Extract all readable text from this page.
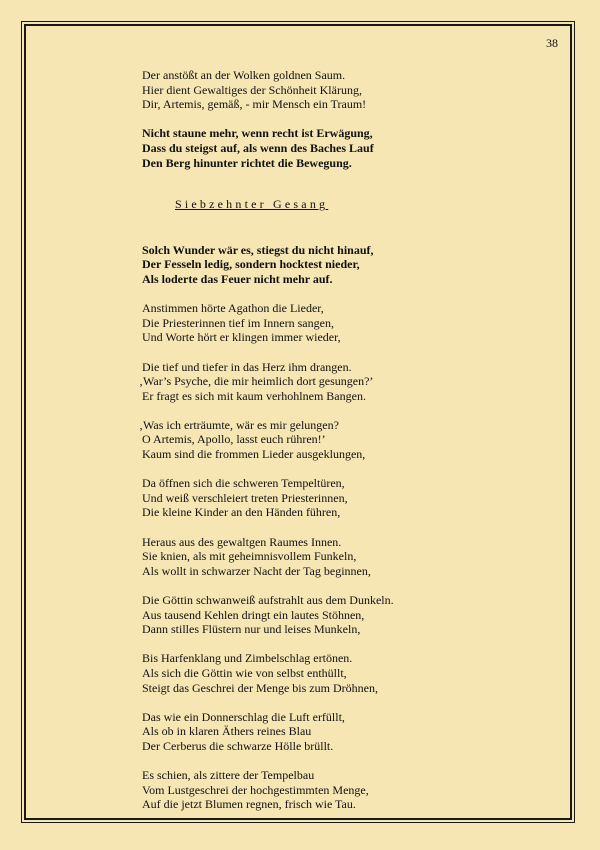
38
Der anstößt an der Wolken goldnen Saum.
Hier dient Gewaltiges der Schönheit Klärung,
Dir, Artemis, gemäß, - mir Mensch ein Traum!
Nicht staune mehr, wenn recht ist Erwägung,
Dass du steigst auf, als wenn des Baches Lauf
Den Berg hinunter richtet die Bewegung.
Siebzehnter Gesang
Solch Wunder wär es, stiegst du nicht hinauf,
Der Fesseln ledig, sondern hocktest nieder,
Als loderte das Feuer nicht mehr auf.
Anstimmen hörte Agathon die Lieder,
Die Priesterinnen tief im Innern sangen,
Und Worte hört er klingen immer wieder,
Die tief und tiefer in das Herz ihm drangen.
‚War’s Psyche, die mir heimlich dort gesungen?’
Er fragt es sich mit kaum verhohlnem Bangen.
‚Was ich erträumte, wär es mir gelungen?
O Artemis, Apollo, lasst euch rühren!’
Kaum sind die frommen Lieder ausgeklungen,
Da öffnen sich die schweren Tempeltüren,
Und weiß verschleiert treten Priesterinnen,
Die kleine Kinder an den Händen führen,
Heraus aus des gewaltgen Raumes Innen.
Sie knien, als mit geheimnisvollem Funkeln,
Als wollt in schwarzer Nacht der Tag beginnen,
Die Göttin schwanweiß aufstrahlt aus dem Dunkeln.
Aus tausend Kehlen dringt ein lautes Stöhnen,
Dann stilles Flüstern nur und leises Munkeln,
Bis Harfenklang und Zimbelschlag ertönen.
Als sich die Göttin wie von selbst enthüllt,
Steigt das Geschrei der Menge bis zum Dröhnen,
Das wie ein Donnerschlag die Luft erfüllt,
Als ob in klaren Äthers reines Blau
Der Cerberus die schwarze Hölle brüllt.
Es schien, als zittere der Tempelbau
Vom Lustgeschrei der hochgestimmten Menge,
Auf die jetzt Blumen regnen, frisch wie Tau.
